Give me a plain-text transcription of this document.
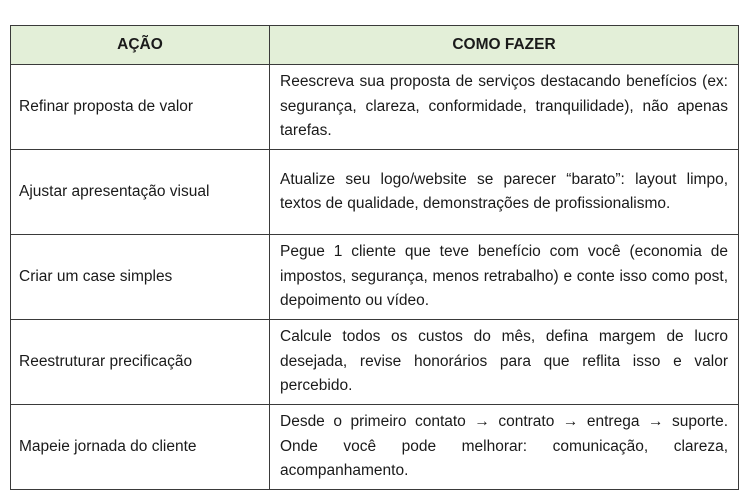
AÇÃO	COMO FAZER
Refinar proposta de valor	Reescreva sua proposta de serviços destacando benefícios (ex: segurança, clareza, conformidade, tranquilidade), não apenas tarefas.
Ajustar apresentação visual	Atualize seu logo/website se parecer “barato”: layout limpo, textos de qualidade, demonstrações de profissionalismo.
Criar um case simples	Pegue 1 cliente que teve benefício com você (economia de impostos, segurança, menos retrabalho) e conte isso como post, depoimento ou vídeo.
Reestruturar precificação	Calcule todos os custos do mês, defina margem de lucro desejada, revise honorários para que reflita isso e valor percebido.
Mapeie jornada do cliente	Desde o primeiro contato → contrato → entrega → suporte. Onde você pode melhorar: comunicação, clareza, acompanhamento.
